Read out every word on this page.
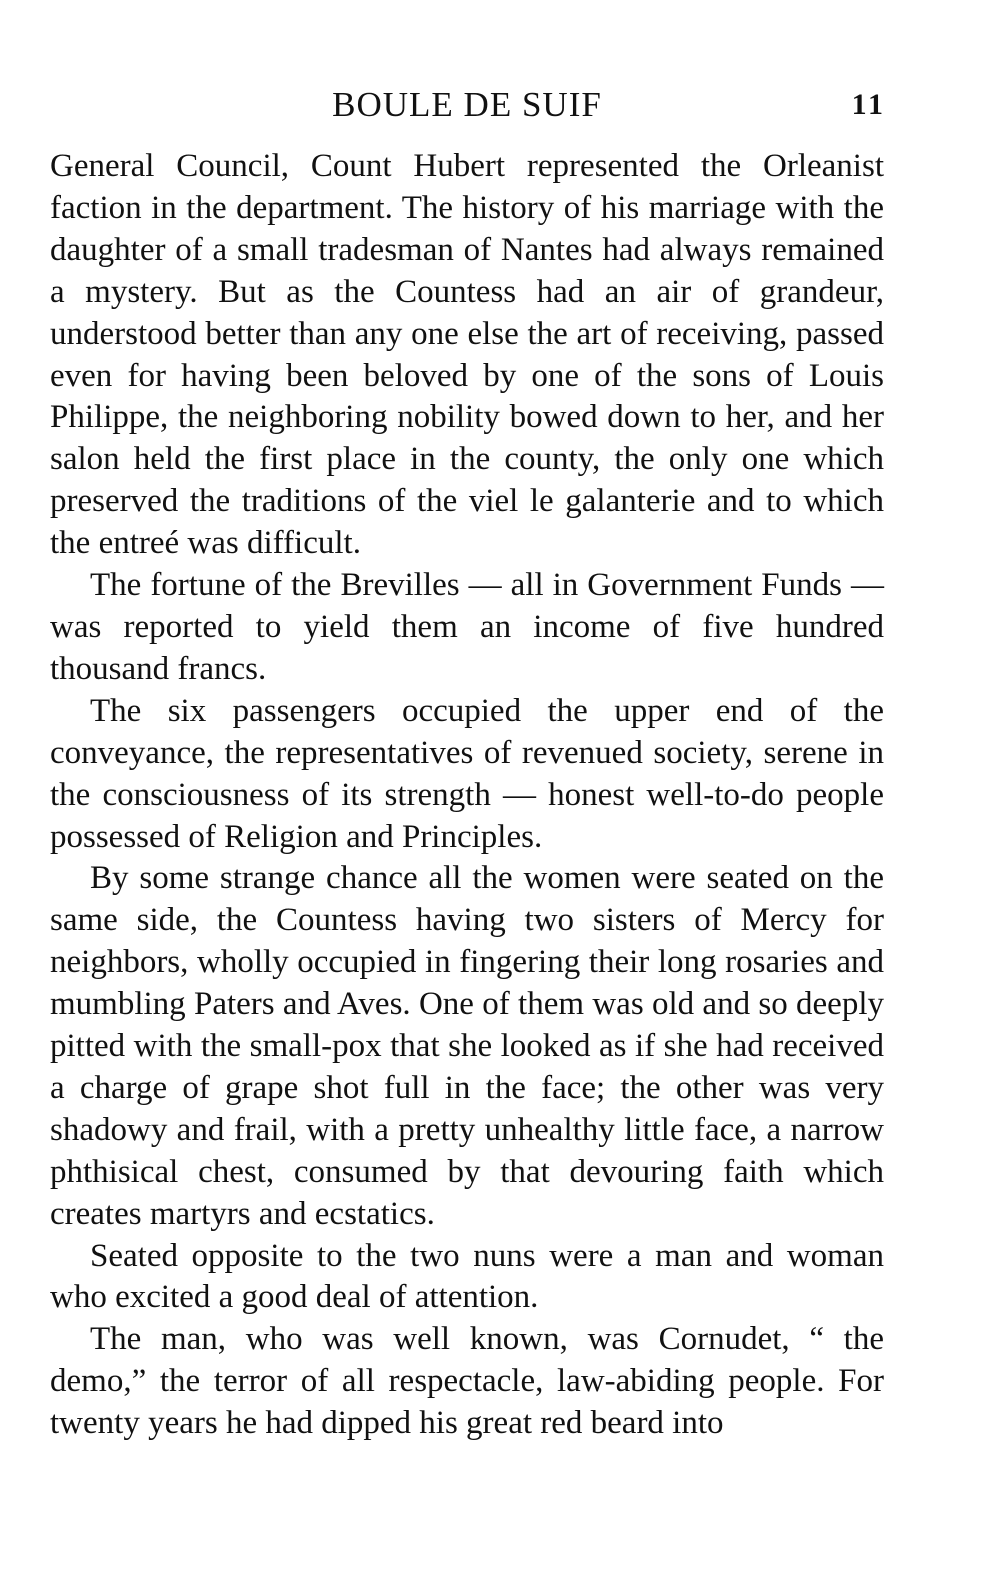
BOULE DE SUIF	11

General Council, Count Hubert represented the Orleanist faction in the department. The history of his marriage with the daughter of a small tradesman of Nantes had always remained a mystery. But as the Countess had an air of grandeur, understood better than any one else the art of receiving, passed even for having been beloved by one of the sons of Louis Philippe, the neighboring nobility bowed down to her, and her salon held the first place in the county, the only one which preserved the traditions of the viel le galanterie and to which the entreé was difficult.

The fortune of the Brevilles — all in Government Funds — was reported to yield them an income of five hundred thousand francs.

The six passengers occupied the upper end of the conveyance, the representatives of revenued society, serene in the consciousness of its strength — honest well-to-do people possessed of Religion and Principles.

By some strange chance all the women were seated on the same side, the Countess having two sisters of Mercy for neighbors, wholly occupied in fingering their long rosaries and mumbling Paters and Aves. One of them was old and so deeply pitted with the small-pox that she looked as if she had received a charge of grape shot full in the face; the other was very shadowy and frail, with a pretty unhealthy little face, a narrow phthisical chest, consumed by that devouring faith which creates martyrs and ecstatics.

Seated opposite to the two nuns were a man and woman who excited a good deal of attention.

The man, who was well known, was Cornudet, “ the demo,” the terror of all respectacle, law-abiding people. For twenty years he had dipped his great red beard into
